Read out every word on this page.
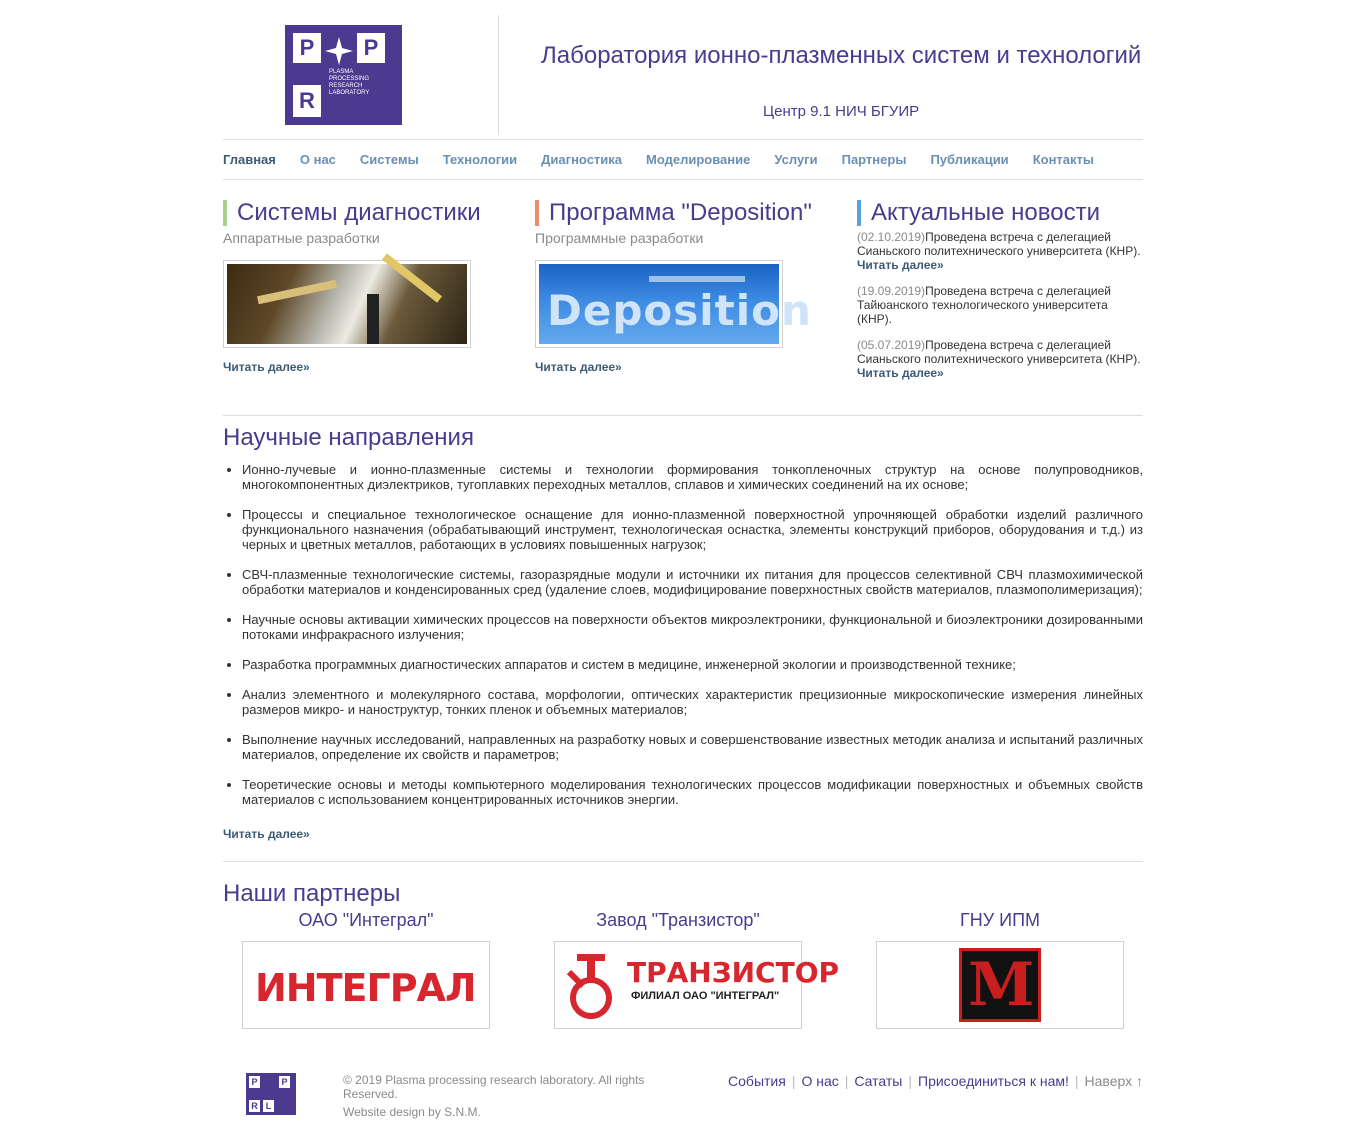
P	P
R
PLASMA
PROCESSING
RESEARCH
LABORATORY
Лаборатория ионно-плазменных систем и технологий
Центр 9.1 НИЧ БГУИР
Главная О нас Системы Технологии Диагностика Моделирование Услуги Партнеры Публикации Контакты
Системы диагностики
Аппаратные разработки
Читать далее»
Программа "Deposition"
Программные разработки
Deposition
Читать далее»
Актуальные новости
(02.10.2019)Проведена встреча с делегацией Сианьского политехнического университета (КНР).
Читать далее»
(19.09.2019)Проведена встреча с делегацией Тайюанского технологического университета (КНР).
(05.07.2019)Проведена встреча с делегацией Сианьского политехнического университета (КНР).
Читать далее»
Научные направления
• Ионно-лучевые и ионно-плазменные системы и технологии формирования тонкопленочных структур на основе полупроводников, многокомпонентных диэлектриков, тугоплавких переходных металлов, сплавов и химических соединений на их основе;
• Процессы и специальное технологическое оснащение для ионно-плазменной поверхностной упрочняющей обработки изделий различного функционального назначения (обрабатывающий инструмент, технологическая оснастка, элементы конструкций приборов, оборудования и т.д.) из черных и цветных металлов, работающих в условиях повышенных нагрузок;
• СВЧ-плазменные технологические системы, газоразрядные модули и источники их питания для процессов селективной СВЧ плазмохимической обработки материалов и конденсированных сред (удаление слоев, модифицирование поверхностных свойств материалов, плазмополимеризация);
• Научные основы активации химических процессов на поверхности объектов микроэлектроники, функциональной и биоэлектроники дозированными потоками инфракрасного излучения;
• Разработка программных диагностических аппаратов и систем в медицине, инженерной экологии и производственной технике;
• Анализ элементного и молекулярного состава, морфологии, оптических характеристик прецизионные микроскопические измерения линейных размеров микро- и наноструктур, тонких пленок и объемных материалов;
• Выполнение научных исследований, направленных на разработку новых и совершенствование известных методик анализа и испытаний различных материалов, определение их свойств и параметров;
• Теоретические основы и методы компьютерного моделирования технологических процессов модификации поверхностных и объемных свойств материалов с использованием концентрированных источников энергии.
Читать далее»
Наши партнеры
ОАО "Интеграл"
ИНТЕГРАЛ
Завод "Транзистор"
ТРАНЗИСТОР
ФИЛИАЛ ОАО "ИНТЕГРАЛ"
ГНУ ИПМ
М
P	P
R L
© 2019 Plasma processing research laboratory. All rights Reserved.
Website design by S.N.M.
События | О нас | Сататы | Присоединиться к нам! | Наверх ↑
